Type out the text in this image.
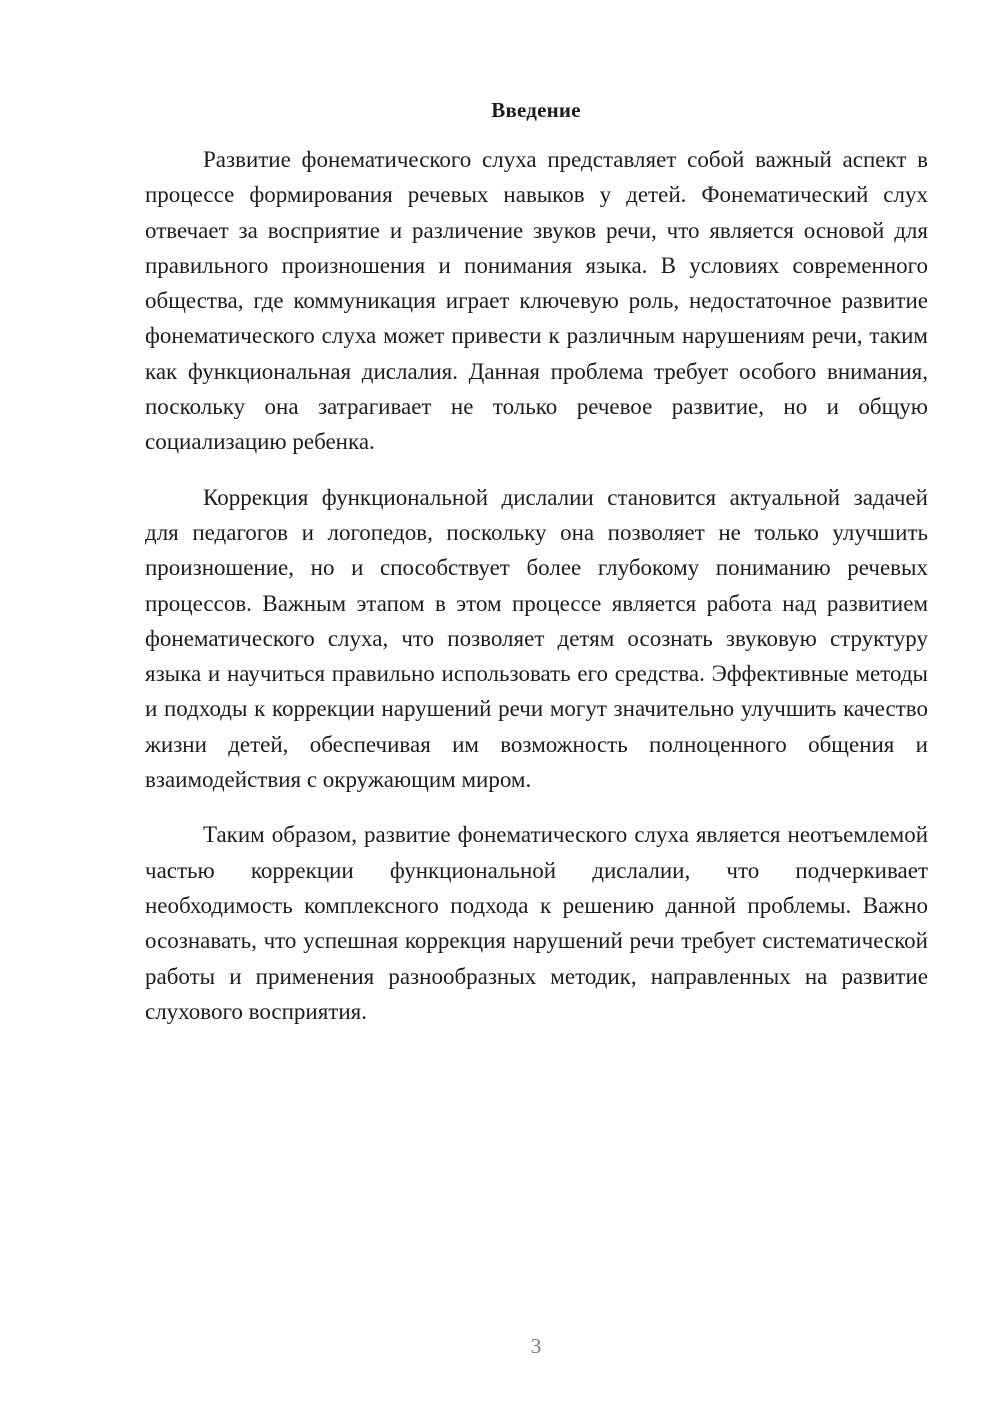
Введение

Развитие фонематического слуха представляет собой важный аспект в процессе формирования речевых навыков у детей. Фонематический слух отвечает за восприятие и различение звуков речи, что является основой для правильного произношения и понимания языка. В условиях современного общества, где коммуникация играет ключевую роль, недостаточное развитие фонематического слуха может привести к различным нарушениям речи, таким как функциональная дислалия. Данная проблема требует особого внимания, поскольку она затрагивает не только речевое развитие, но и общую социализацию ребенка.

Коррекция функциональной дислалии становится актуальной задачей для педагогов и логопедов, поскольку она позволяет не только улучшить произношение, но и способствует более глубокому пониманию речевых процессов. Важным этапом в этом процессе является работа над развитием фонематического слуха, что позволяет детям осознать звуковую структуру языка и научиться правильно использовать его средства. Эффективные методы и подходы к коррекции нарушений речи могут значительно улучшить качество жизни детей, обеспечивая им возможность полноценного общения и взаимодействия с окружающим миром.

Таким образом, развитие фонематического слуха является неотъемлемой частью коррекции функциональной дислалии, что подчеркивает необходимость комплексного подхода к решению данной проблемы. Важно осознавать, что успешная коррекция нарушений речи требует систематической работы и применения разнообразных методик, направленных на развитие слухового восприятия.

3
